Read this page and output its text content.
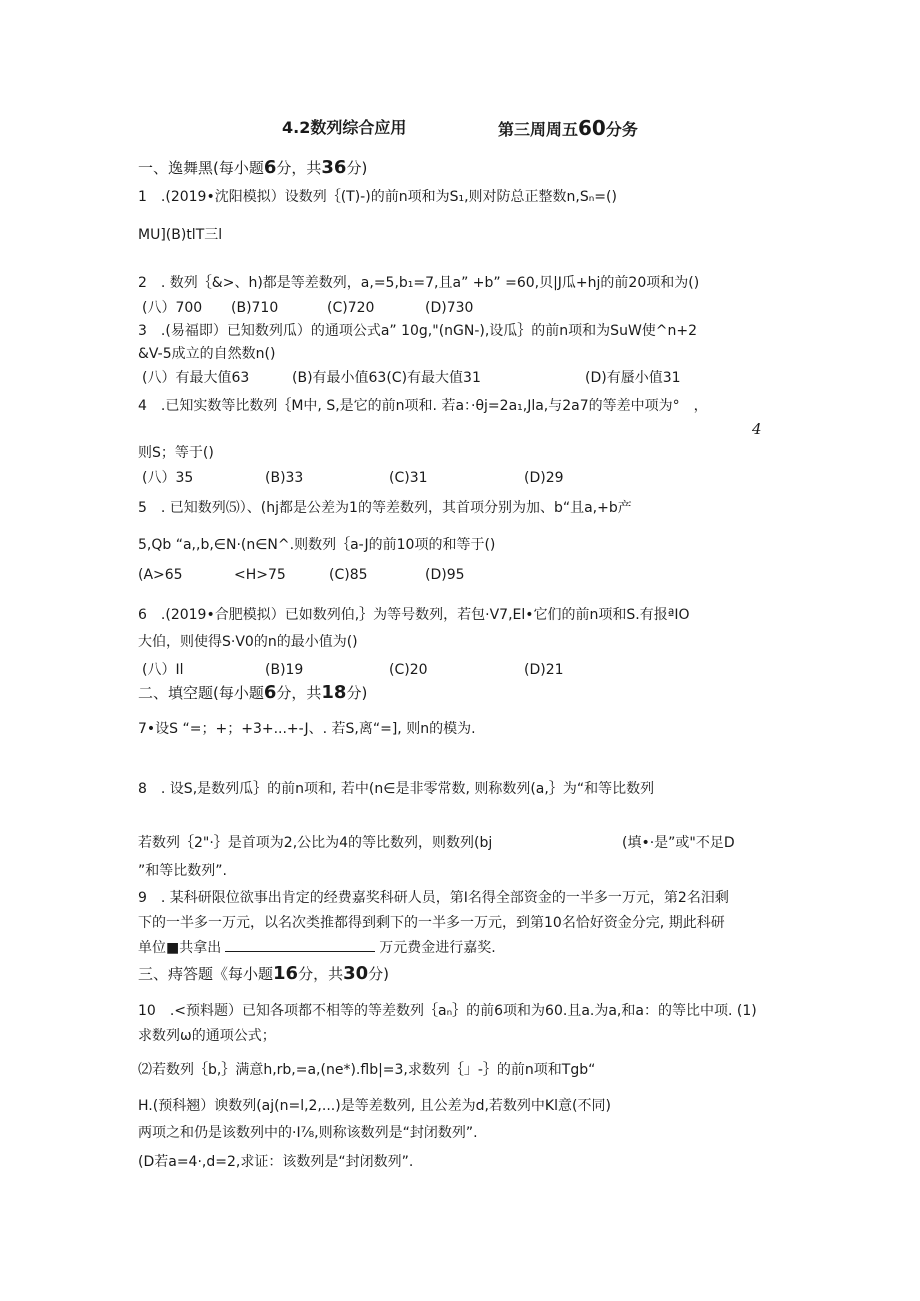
4.2数列综合应用	第三周周五60分务
一、逸舞黑(每小题6分，共36分)
1　.(2019•沈阳模拟）设数列｛(T)-)的前n项和为S₁,则对防总正整数n,Sₙ=()
MU](B)tlT三l
2　. 数列｛&>、h)都是等差数列，a,=5,b₁=7,且a” +b” =60,贝|J瓜+hj的前20项和为()
(八）700 (B)710	(C)720	(D)730
3　.(易福即）已知数列瓜）的通项公式a” 10g,"(nGN-),设瓜｝的前n项和为SuW使^n+2
&V-5成立的自然数n()
(八）有最大值63	(B)有最小值63(C)有最大值31	(D)有蜃小值31
4　.已知实数等比数列｛M中, S,是它的前n项和. 若a：·θj=2a₁,Jla,与2a7的等差中项为°　，
4
则S；等于()
(八）35	(B)33	(C)31	(D)29
5　. 已知数列⑸）、(hj都是公差为1的等差数列，其首项分别为加、b“且a,+b产
5,Qb “a,,b,∈N·(n∈N^.则数列｛a-J的前10项的和等于()
(A>65	<H>75	(C)85	(D)95
6　.(2019•合肥模拟）已如数列伯,｝为等号数列，若包·V7,El•它们的前n项和S.有报ªIO
大伯，则使得S·V0的n的最小值为()
(八）Il	(B)19	(C)20	(D)21
二、填空题(每小题6分，共18分)
7•设S “=；+；+3+...+-J、. 若S,离“=], 则n的模为.
8　. 设S,是数列瓜｝的前n项和, 若中(n∈是非零常数, 则称数列(a,｝为“和等比数列
若数列｛2"·｝是首项为2,公比为4的等比数列，则数列(bj	(填•·是”或"不足D
”和等比数列”.
9　. 某科研限位欲事出肯定的经费嘉奖科研人员，第I名得全部资金的一半多一万元，第2名汨剩
下的一半多一万元，以名次类推都得到剩下的一半多一万元，到第10名恰好资金分完, 期此科研
单位■共拿出	万元费金进行嘉奖.
三、痔答题《每小题16分，共30分)
10　.<预料题）已知各项都不相等的等差数列｛aₙ｝的前6项和为60.且a.为a,和a：的等比中项. (1)
求数列ω的通项公式；
⑵若数列｛b,｝满意h,rb,=a,(ne*).flb|=3,求数列｛」-｝的前n项和Tgb“
H.(预科翘）谀数列(aj(n=l,2,...)是等差数列, 且公差为d,若数列中Kl意(不同)
两项之和仍是该数列中的·I⅞,则称该数列是“封闭数列”.
(D若a=4·,d=2,求证：该数列是“封闭数列”.
